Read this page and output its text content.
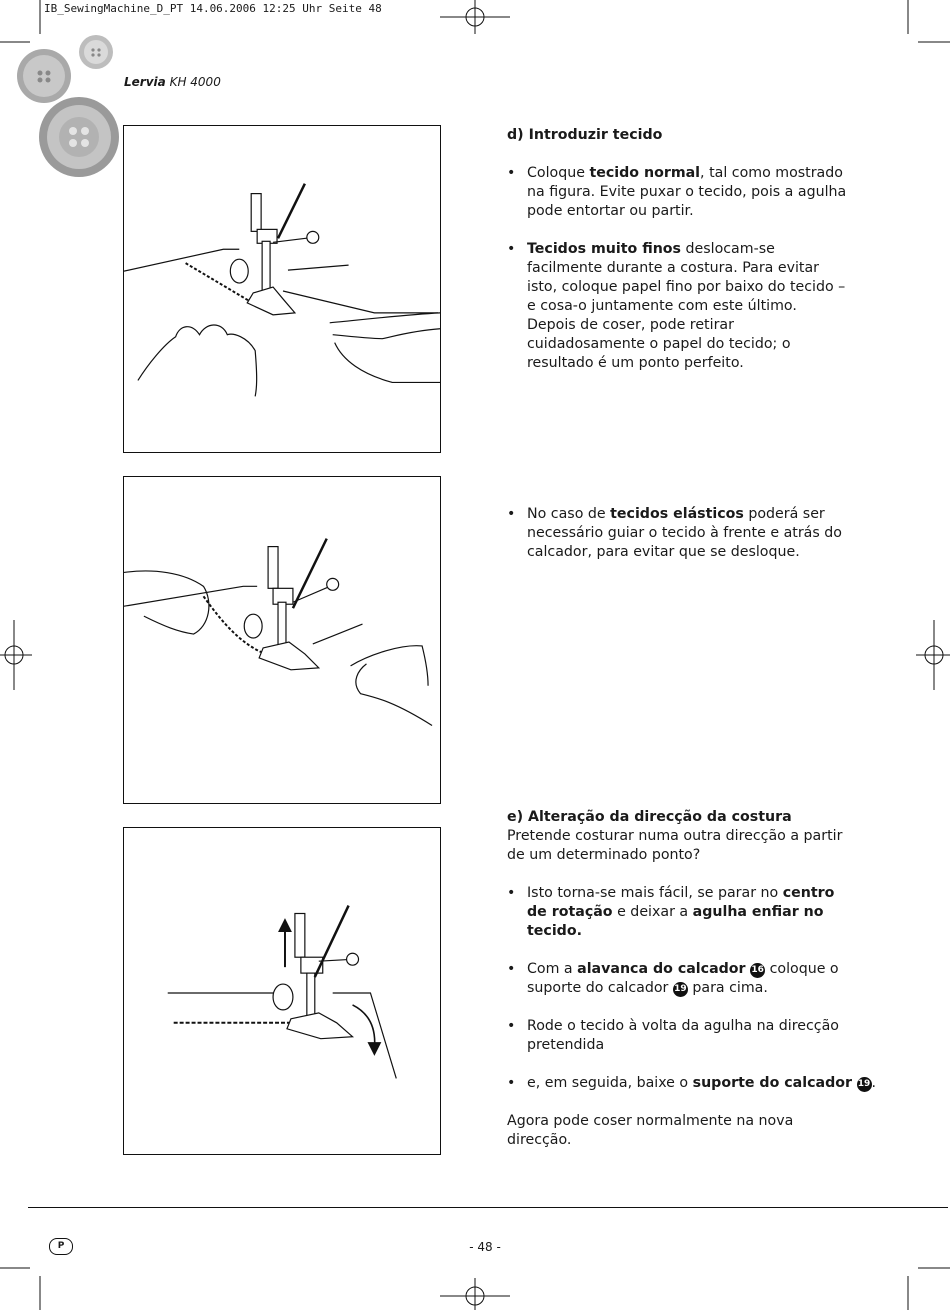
IB_SewingMachine_D_PT 14.06.2006 12:25 Uhr Seite 48
Lervia KH 4000

d) Introduzir tecido

• Coloque tecido normal, tal como mostrado na figura. Evite puxar o tecido, pois a agulha pode entortar ou partir.
• Tecidos muito finos deslocam-se facilmente durante a costura. Para evitar isto, coloque papel fino por baixo do tecido – e cosa-o juntamente com este último. Depois de coser, pode retirar cuidadosamente o papel do tecido; o resultado é um ponto perfeito.
• No caso de tecidos elásticos poderá ser necessário guiar o tecido à frente e atrás do calcador, para evitar que se desloque.

e) Alteração da direcção da costura

Pretende costurar numa outra direcção a partir de um determinado ponto?

• Isto torna-se mais fácil, se parar no centro de rotação e deixar a agulha enfiar no tecido.
• Com a alavanca do calcador 16 coloque o suporte do calcador 19 para cima.
• Rode o tecido à volta da agulha na direcção pretendida
• e, em seguida, baixe o suporte do calcador 19.

Agora pode coser normalmente na nova direcção.

P	- 48 -
